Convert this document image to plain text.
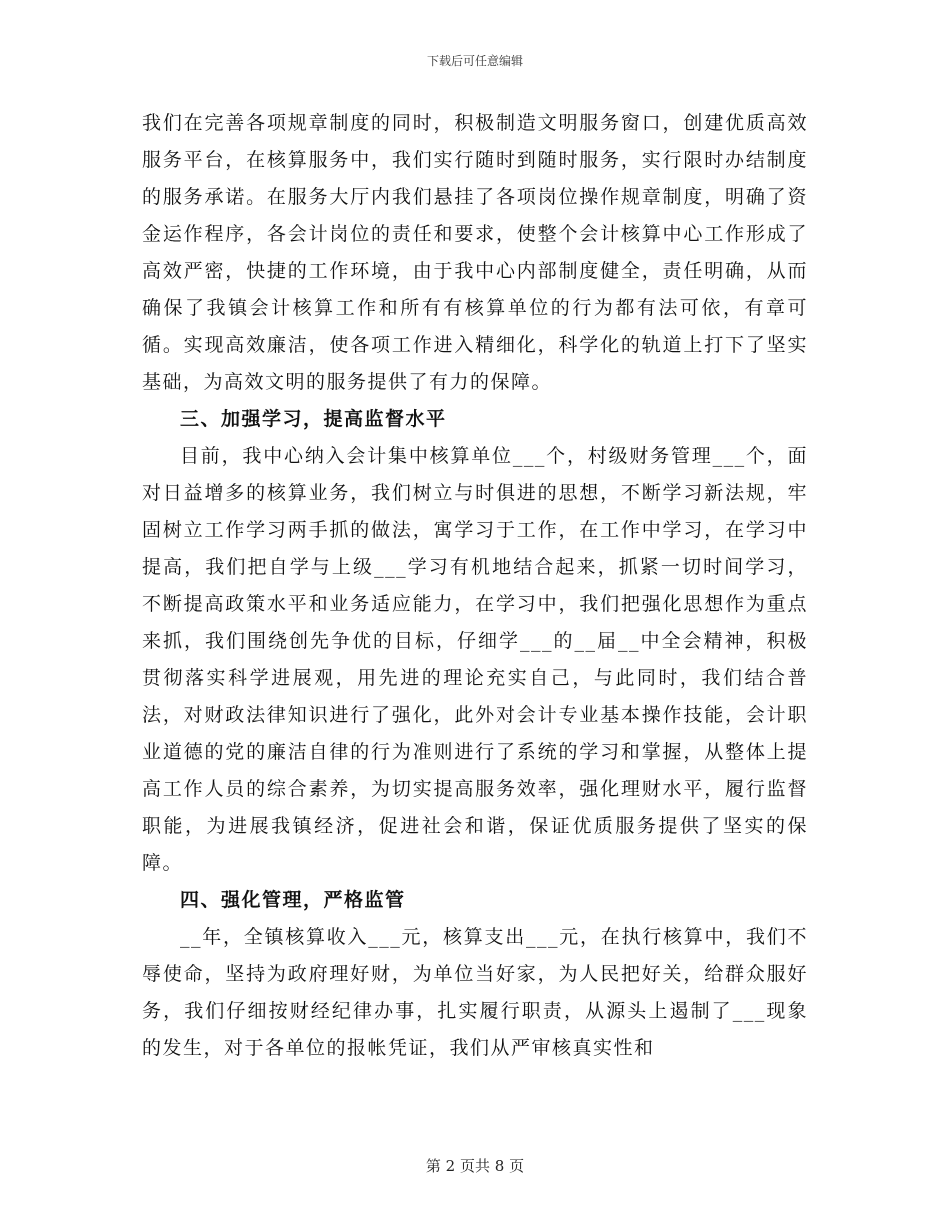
下载后可任意编辑

我们在完善各项规章制度的同时，积极制造文明服务窗口，创建优质高效服务平台，在核算服务中，我们实行随时到随时服务，实行限时办结制度的服务承诺。在服务大厅内我们悬挂了各项岗位操作规章制度，明确了资金运作程序，各会计岗位的责任和要求，使整个会计核算中心工作形成了高效严密，快捷的工作环境，由于我中心内部制度健全，责任明确，从而确保了我镇会计核算工作和所有有核算单位的行为都有法可依，有章可循。实现高效廉洁，使各项工作进入精细化，科学化的轨道上打下了坚实基础，为高效文明的服务提供了有力的保障。

三、加强学习，提高监督水平

目前，我中心纳入会计集中核算单位___个，村级财务管理___个，面对日益增多的核算业务，我们树立与时俱进的思想，不断学习新法规，牢固树立工作学习两手抓的做法，寓学习于工作，在工作中学习，在学习中提高，我们把自学与上级___学习有机地结合起来，抓紧一切时间学习，不断提高政策水平和业务适应能力，在学习中，我们把强化思想作为重点来抓，我们围绕创先争优的目标，仔细学___的__届__中全会精神，积极贯彻落实科学进展观，用先进的理论充实自己，与此同时，我们结合普法，对财政法律知识进行了强化，此外对会计专业基本操作技能，会计职业道德的党的廉洁自律的行为准则进行了系统的学习和掌握，从整体上提高工作人员的综合素养，为切实提高服务效率，强化理财水平，履行监督职能，为进展我镇经济，促进社会和谐，保证优质服务提供了坚实的保障。

四、强化管理，严格监管

__年，全镇核算收入___元，核算支出___元，在执行核算中，我们不辱使命，坚持为政府理好财，为单位当好家，为人民把好关，给群众服好务，我们仔细按财经纪律办事，扎实履行职责，从源头上遏制了___现象的发生，对于各单位的报帐凭证，我们从严审核真实性和

第 2 页共 8 页
